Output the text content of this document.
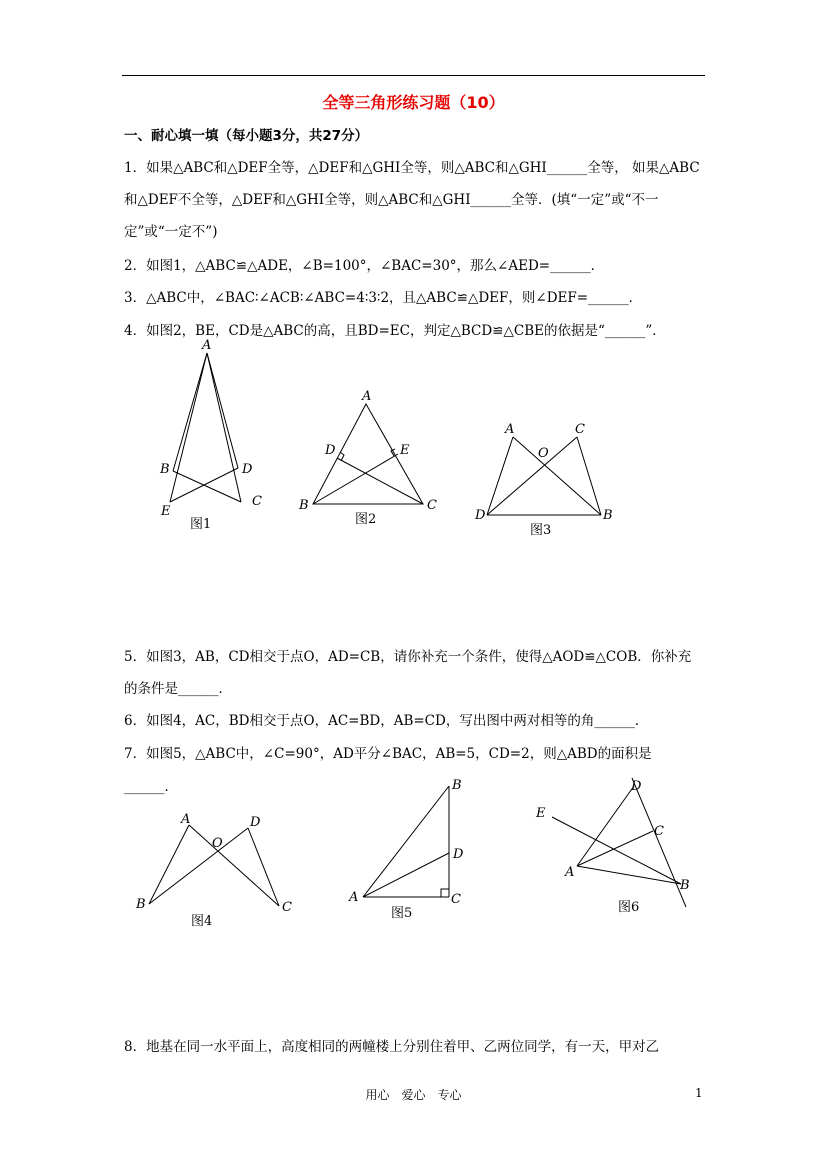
全等三角形练习题（10）
一、耐心填一填（每小题3分，共27分）
1．如果△ABC和△DEF全等，△DEF和△GHI全等，则△ABC和△GHI______全等， 如果△ABC
和△DEF不全等，△DEF和△GHI全等，则△ABC和△GHI______全等．(填“一定”或“不一
定”或“一定不”)
2．如图1，△ABC≌△ADE，∠B=100°，∠BAC=30°，那么∠AED=______．
3．△ABC中，∠BAC∶∠ACB∶∠ABC=4∶3∶2，且△ABC≌△DEF，则∠DEF=______．
4．如图2，BE，CD是△ABC的高，且BD=EC，判定△BCD≌△CBE的依据是“______”．
A
B	D
E
C
图1
A
D	E
B	C
图2
A	C
O
D	B
图3
5．如图3，AB，CD相交于点O，AD=CB，请你补充一个条件，使得△AOD≌△COB．你补充
的条件是______．
6．如图4，AC，BD相交于点O，AC=BD，AB=CD，写出图中两对相等的角______．
7．如图5，△ABC中，∠C=90°，AD平分∠BAC，AB=5，CD=2，则△ABD的面积是
______．
A	D
O
B	C
图4
B
D
A	C
图5
D
E
C
A
B
图6
8．地基在同一水平面上，高度相同的两幢楼上分别住着甲、乙两位同学，有一天，甲对乙
用心　爱心　专心	1
